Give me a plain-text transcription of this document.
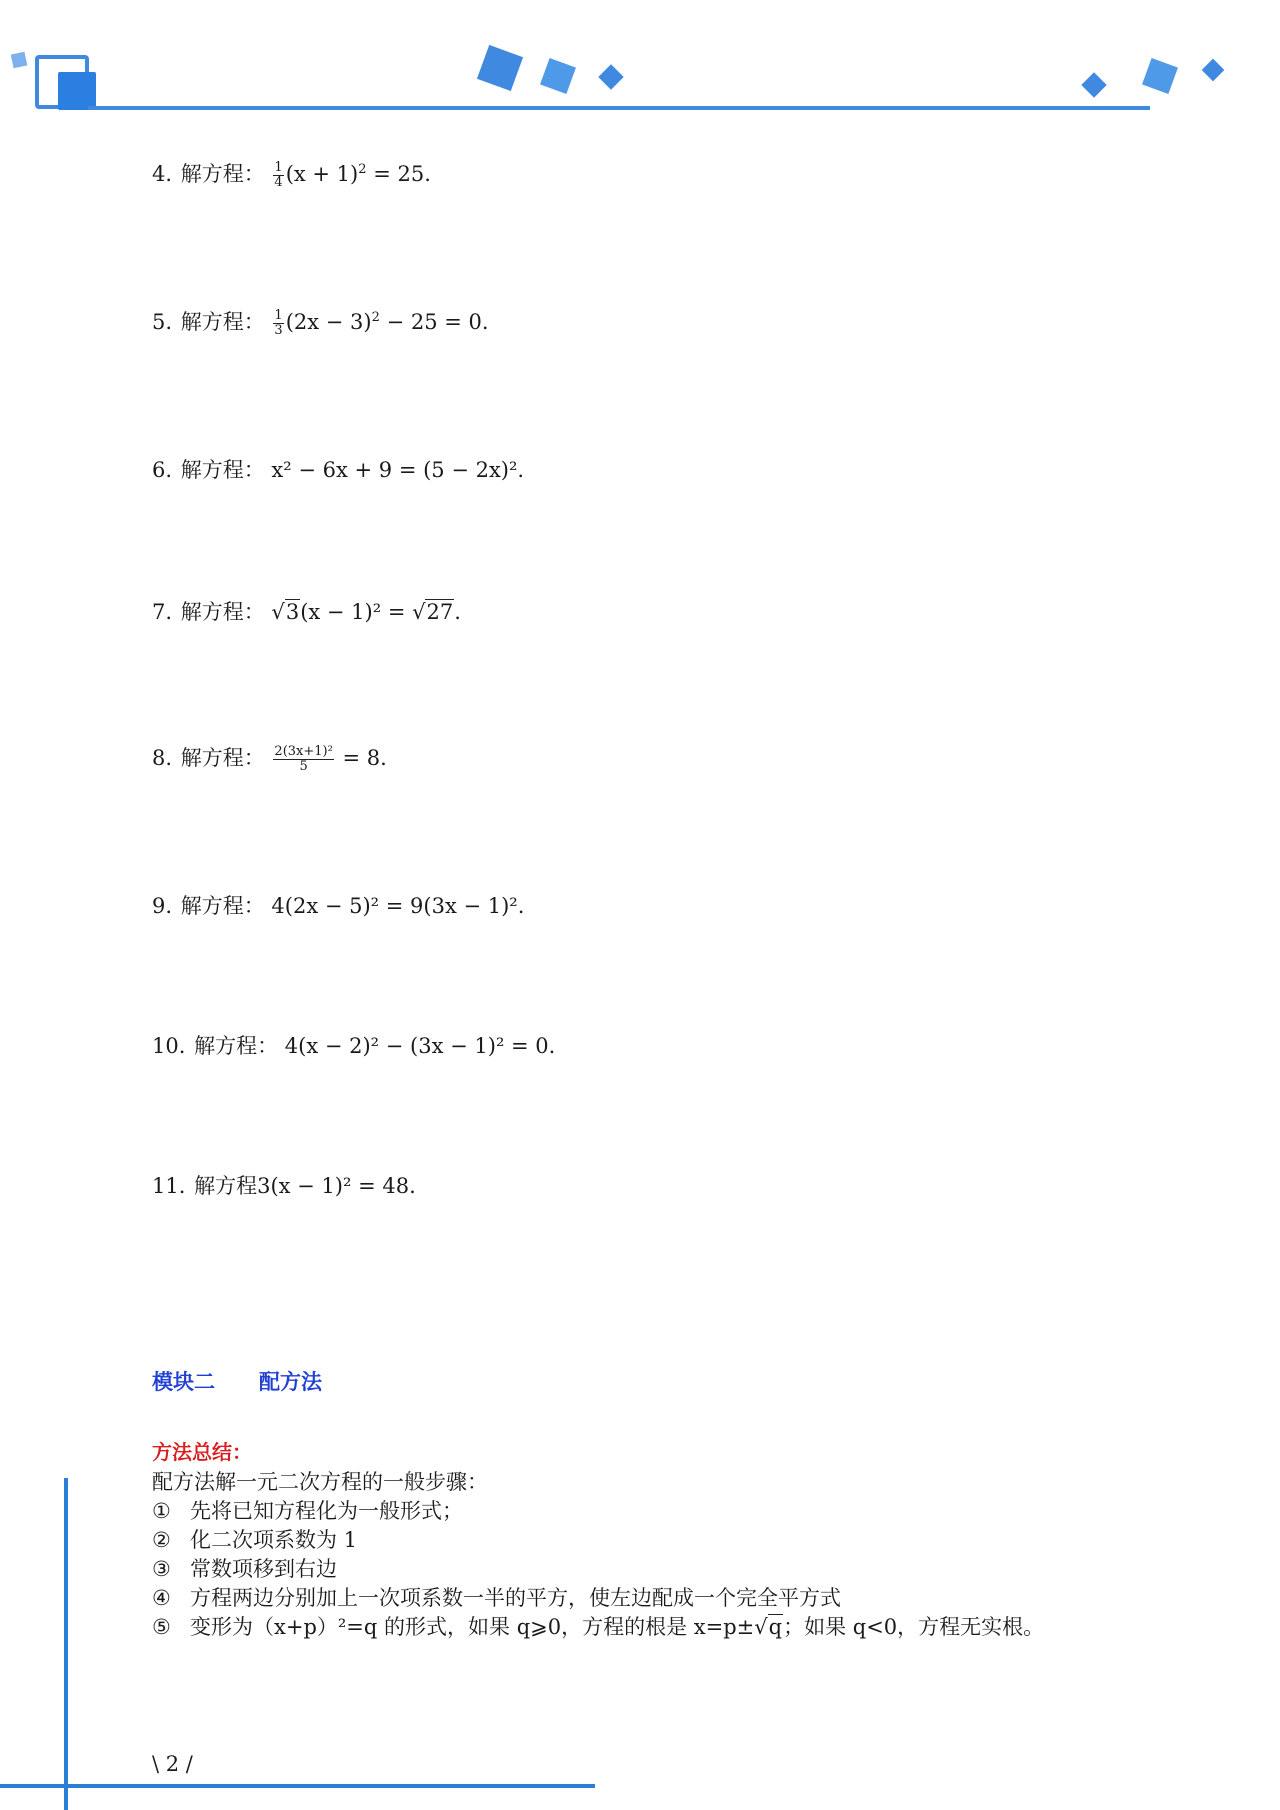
4. 解方程： $\frac{1}{4} (x + 1)^2 = 25$.
5. 解方程： $\frac{1}{3} (2x - 3)^2 - 25 = 0$.
6. 解方程： x² − 6x + 9 = (5 − 2x)².
7. 解方程： √3(x − 1)² = √27.
8. 解方程： $\frac{\text{2(3x+1)²}}{5} = 8$.
9. 解方程： 4(2x − 5)² = 9(3x − 1)².
10. 解方程： 4(x − 2)² − (3x − 1)² = 0.
11. 解方程3(x − 1)² = 48.
模块二 配方法
方法总结：
配方法解一元二次方程的一般步骤：
① 先将已知方程化为一般形式；
② 化二次项系数为 1
③ 常数项移到右边
④ 方程两边分别加上一次项系数一半的平方，使左边配成一个完全平方式
⑤ 变形为（x+p）²=q 的形式，如果 q⩾0，方程的根是 x=p±√q；如果 q<0，方程无实根。
\ 2 /
